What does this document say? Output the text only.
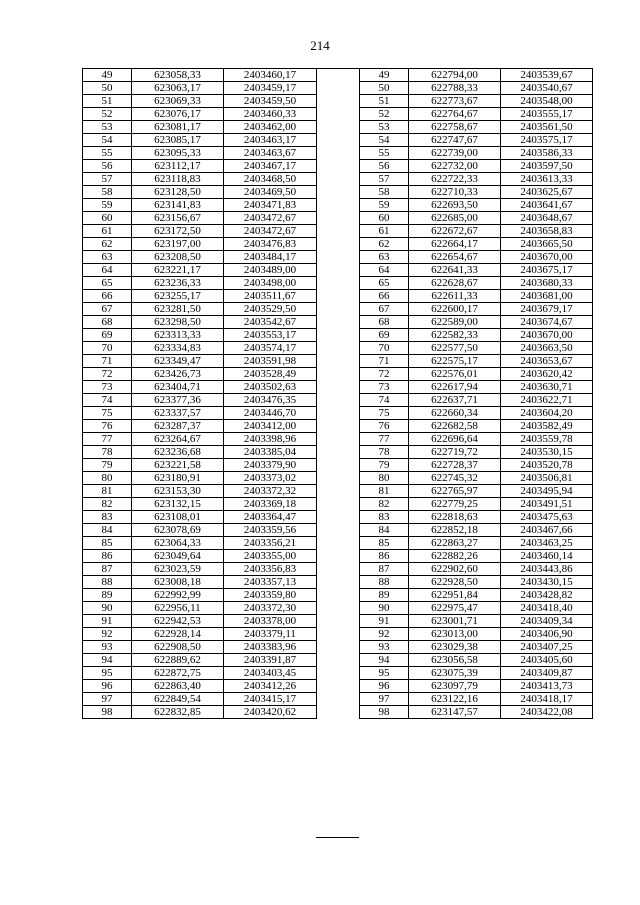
214
49	623058,33	2403460,17
50	623063,17	2403459,17
51	623069,33	2403459,50
52	623076,17	2403460,33
53	623081,17	2403462,00
54	623085,17	2403463,17
55	623095,33	2403463,67
56	623112,17	2403467,17
57	623118,83	2403468,50
58	623128,50	2403469,50
59	623141,83	2403471,83
60	623156,67	2403472,67
61	623172,50	2403472,67
62	623197,00	2403476,83
63	623208,50	2403484,17
64	623221,17	2403489,00
65	623236,33	2403498,00
66	623255,17	2403511,67
67	623281,50	2403529,50
68	623298,50	2403542,67
69	623313,33	2403553,17
70	623334,83	2403574,17
71	623349,47	2403591,98
72	623426,73	2403528,49
73	623404,71	2403502,63
74	623377,36	2403476,35
75	623337,57	2403446,70
76	623287,37	2403412,00
77	623264,67	2403398,96
78	623236,68	2403385,04
79	623221,58	2403379,90
80	623180,91	2403373,02
81	623153,30	2403372,32
82	623132,15	2403369,18
83	623108,01	2403364,47
84	623078,69	2403359,56
85	623064,33	2403356,21
86	623049,64	2403355,00
87	623023,59	2403356,83
88	623008,18	2403357,13
89	622992,99	2403359,80
90	622956,11	2403372,30
91	622942,53	2403378,00
92	622928,14	2403379,11
93	622908,50	2403383,96
94	622889,62	2403391,87
95	622872,75	2403403,45
96	622863,40	2403412,26
97	622849,54	2403415,17
98	622832,85	2403420,62
49	622794,00	2403539,67
50	622788,33	2403540,67
51	622773,67	2403548,00
52	622764,67	2403555,17
53	622758,67	2403561,50
54	622747,67	2403575,17
55	622739,00	2403586,33
56	622732,00	2403597,50
57	622722,33	2403613,33
58	622710,33	2403625,67
59	622693,50	2403641,67
60	622685,00	2403648,67
61	622672,67	2403658,83
62	622664,17	2403665,50
63	622654,67	2403670,00
64	622641,33	2403675,17
65	622628,67	2403680,33
66	622611,33	2403681,00
67	622600,17	2403679,17
68	622589,00	2403674,67
69	622582,33	2403670,00
70	622577,50	2403663,50
71	622575,17	2403653,67
72	622576,01	2403620,42
73	622617,94	2403630,71
74	622637,71	2403622,71
75	622660,34	2403604,20
76	622682,58	2403582,49
77	622696,64	2403559,78
78	622719,72	2403530,15
79	622728,37	2403520,78
80	622745,32	2403506,81
81	622765,97	2403495,94
82	622779,25	2403491,51
83	622818,63	2403475,63
84	622852,18	2403467,66
85	622863,27	2403463,25
86	622882,26	2403460,14
87	622902,60	2403443,86
88	622928,50	2403430,15
89	622951,84	2403428,82
90	622975,47	2403418,40
91	623001,71	2403409,34
92	623013,00	2403406,90
93	623029,38	2403407,25
94	623056,58	2403405,60
95	623075,39	2403409,87
96	623097,79	2403413,73
97	623122,16	2403418,17
98	623147,57	2403422,08
